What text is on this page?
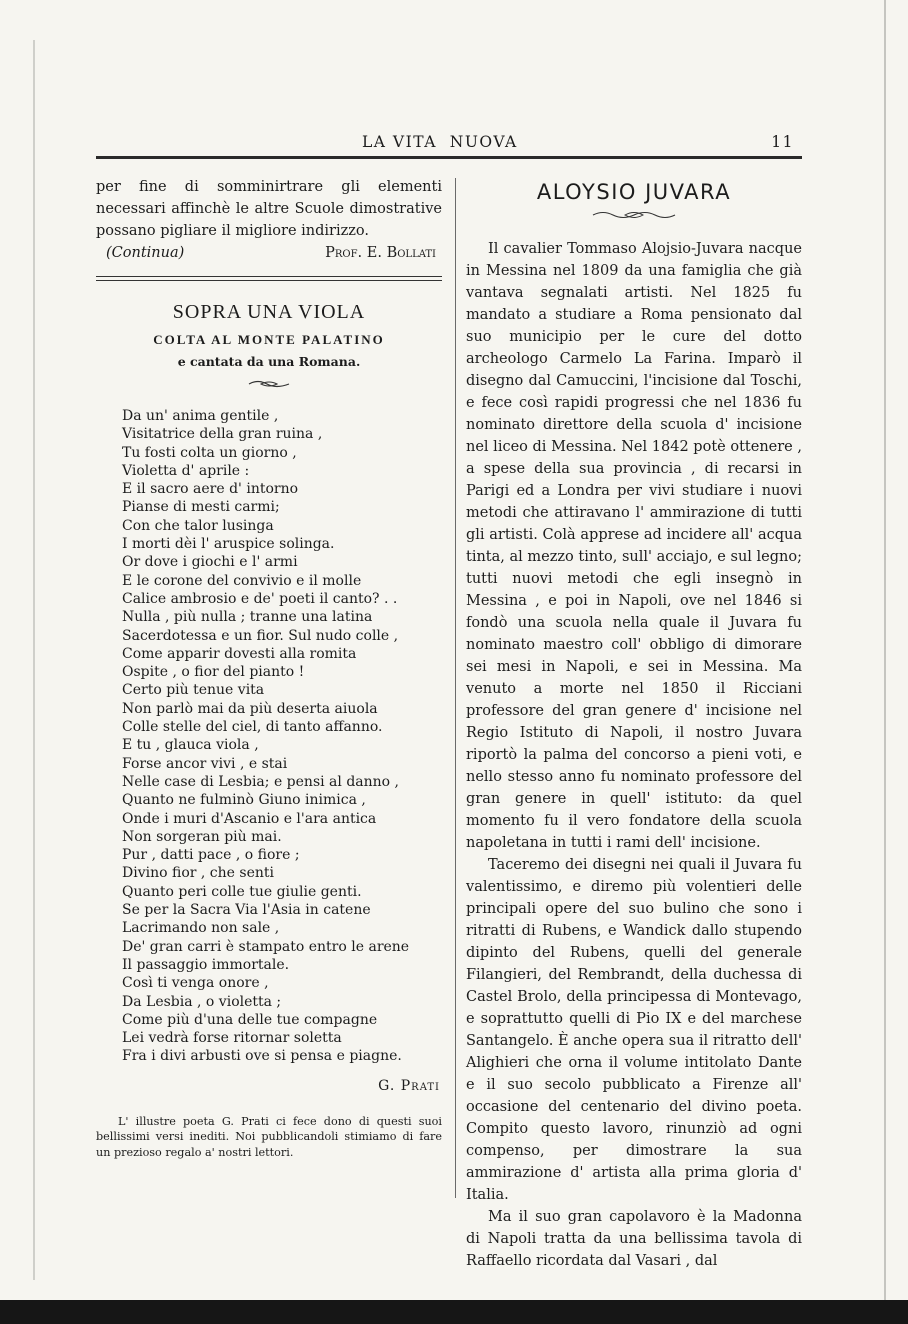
LA VITA  NUOVA	11

per fine di somminirtrare gli elementi necessari affinchè le altre Scuole dimostrative possano pigliare il migliore indirizzo.

(Continua)	Prof. E. Bollati
SOPRA UNA VIOLA
COLTA AL MONTE PALATINO
e cantata da una Romana.
Da un' anima gentile ,
Visitatrice della gran ruina ,
Tu fosti colta un giorno ,
Violetta d' aprile :
E il sacro aere d' intorno
Pianse di mesti carmi;
Con che talor lusinga
I morti dèi l' aruspice solinga.
Or dove i giochi e l' armi
E le corone del convivio e il molle
Calice ambrosio e de' poeti il canto? . .
Nulla , più nulla ; tranne una latina
Sacerdotessa e un fior. Sul nudo colle ,
Come apparir dovesti alla romita
Ospite , o fior del pianto !
Certo più tenue vita
Non parlò mai da più deserta aiuola
Colle stelle del ciel, di tanto affanno.
E tu , glauca viola ,
Forse ancor vivi , e stai
Nelle case di Lesbia; e pensi al danno ,
Quanto ne fulminò Giuno inimica ,
Onde i muri d'Ascanio e l'ara antica
Non sorgeran più mai.
Pur , datti pace , o fiore ;
Divino fior , che senti
Quanto peri colle tue giulie genti.
Se per la Sacra Via l'Asia in catene
Lacrimando non sale ,
De' gran carri è stampato entro le arene
Il passaggio immortale.
Così ti venga onore ,
Da Lesbia , o violetta ;
Come più d'una delle tue compagne
Lei vedrà forse ritornar soletta
Fra i divi arbusti ove si pensa e piagne.
G. Prati
L' illustre poeta G. Prati ci fece dono di questi suoi bellissimi versi inediti. Noi pubblicandoli stimiamo di fare un prezioso regalo a' nostri lettori.
ALOYSIO JUVARA

Il cavalier Tommaso Alojsio-Juvara nacque in Messina nel 1809 da una famiglia che già vantava segnalati artisti. Nel 1825 fu mandato a studiare a Roma pensionato dal suo municipio per le cure del dotto archeologo Carmelo La Farina. Imparò il disegno dal Camuccini, l'incisione dal Toschi, e fece così rapidi progressi che nel 1836 fu nominato direttore della scuola d' incisione nel liceo di Messina. Nel 1842 potè ottenere , a spese della sua provincia , di recarsi in Parigi ed a Londra per vivi studiare i nuovi metodi che attiravano l' ammirazione di tutti gli artisti. Colà apprese ad incidere all' acqua tinta, al mezzo tinto, sull' acciajo, e sul legno; tutti nuovi metodi che egli insegnò in Messina , e poi in Napoli, ove nel 1846 si fondò una scuola nella quale il Juvara fu nominato maestro coll' obbligo di dimorare sei mesi in Napoli, e sei in Messina. Ma venuto a morte nel 1850 il Ricciani professore del gran genere d' incisione nel Regio Istituto di Napoli, il nostro Juvara riportò la palma del concorso a pieni voti, e nello stesso anno fu nominato professore del gran genere in quell' istituto: da quel momento fu il vero fondatore della scuola napoletana in tutti i rami dell' incisione.

Taceremo dei disegni nei quali il Juvara fu valentissimo, e diremo più volentieri delle principali opere del suo bulino che sono i ritratti di Rubens, e Wandick dallo stupendo dipinto del Rubens, quelli del generale Filangieri, del Rembrandt, della duchessa di Castel Brolo, della principessa di Montevago, e soprattutto quelli di Pio IX e del marchese Santangelo. È anche opera sua il ritratto dell' Alighieri che orna il volume intitolato Dante e il suo secolo pubblicato a Firenze all' occasione del centenario del divino poeta. Compito questo lavoro, rinunziò ad ogni compenso, per dimostrare la sua ammirazione d' artista alla prima gloria d' Italia.

Ma il suo gran capolavoro è la Madonna di Napoli tratta da una bellissima tavola di Raffaello ricordata dal Vasari , dal
